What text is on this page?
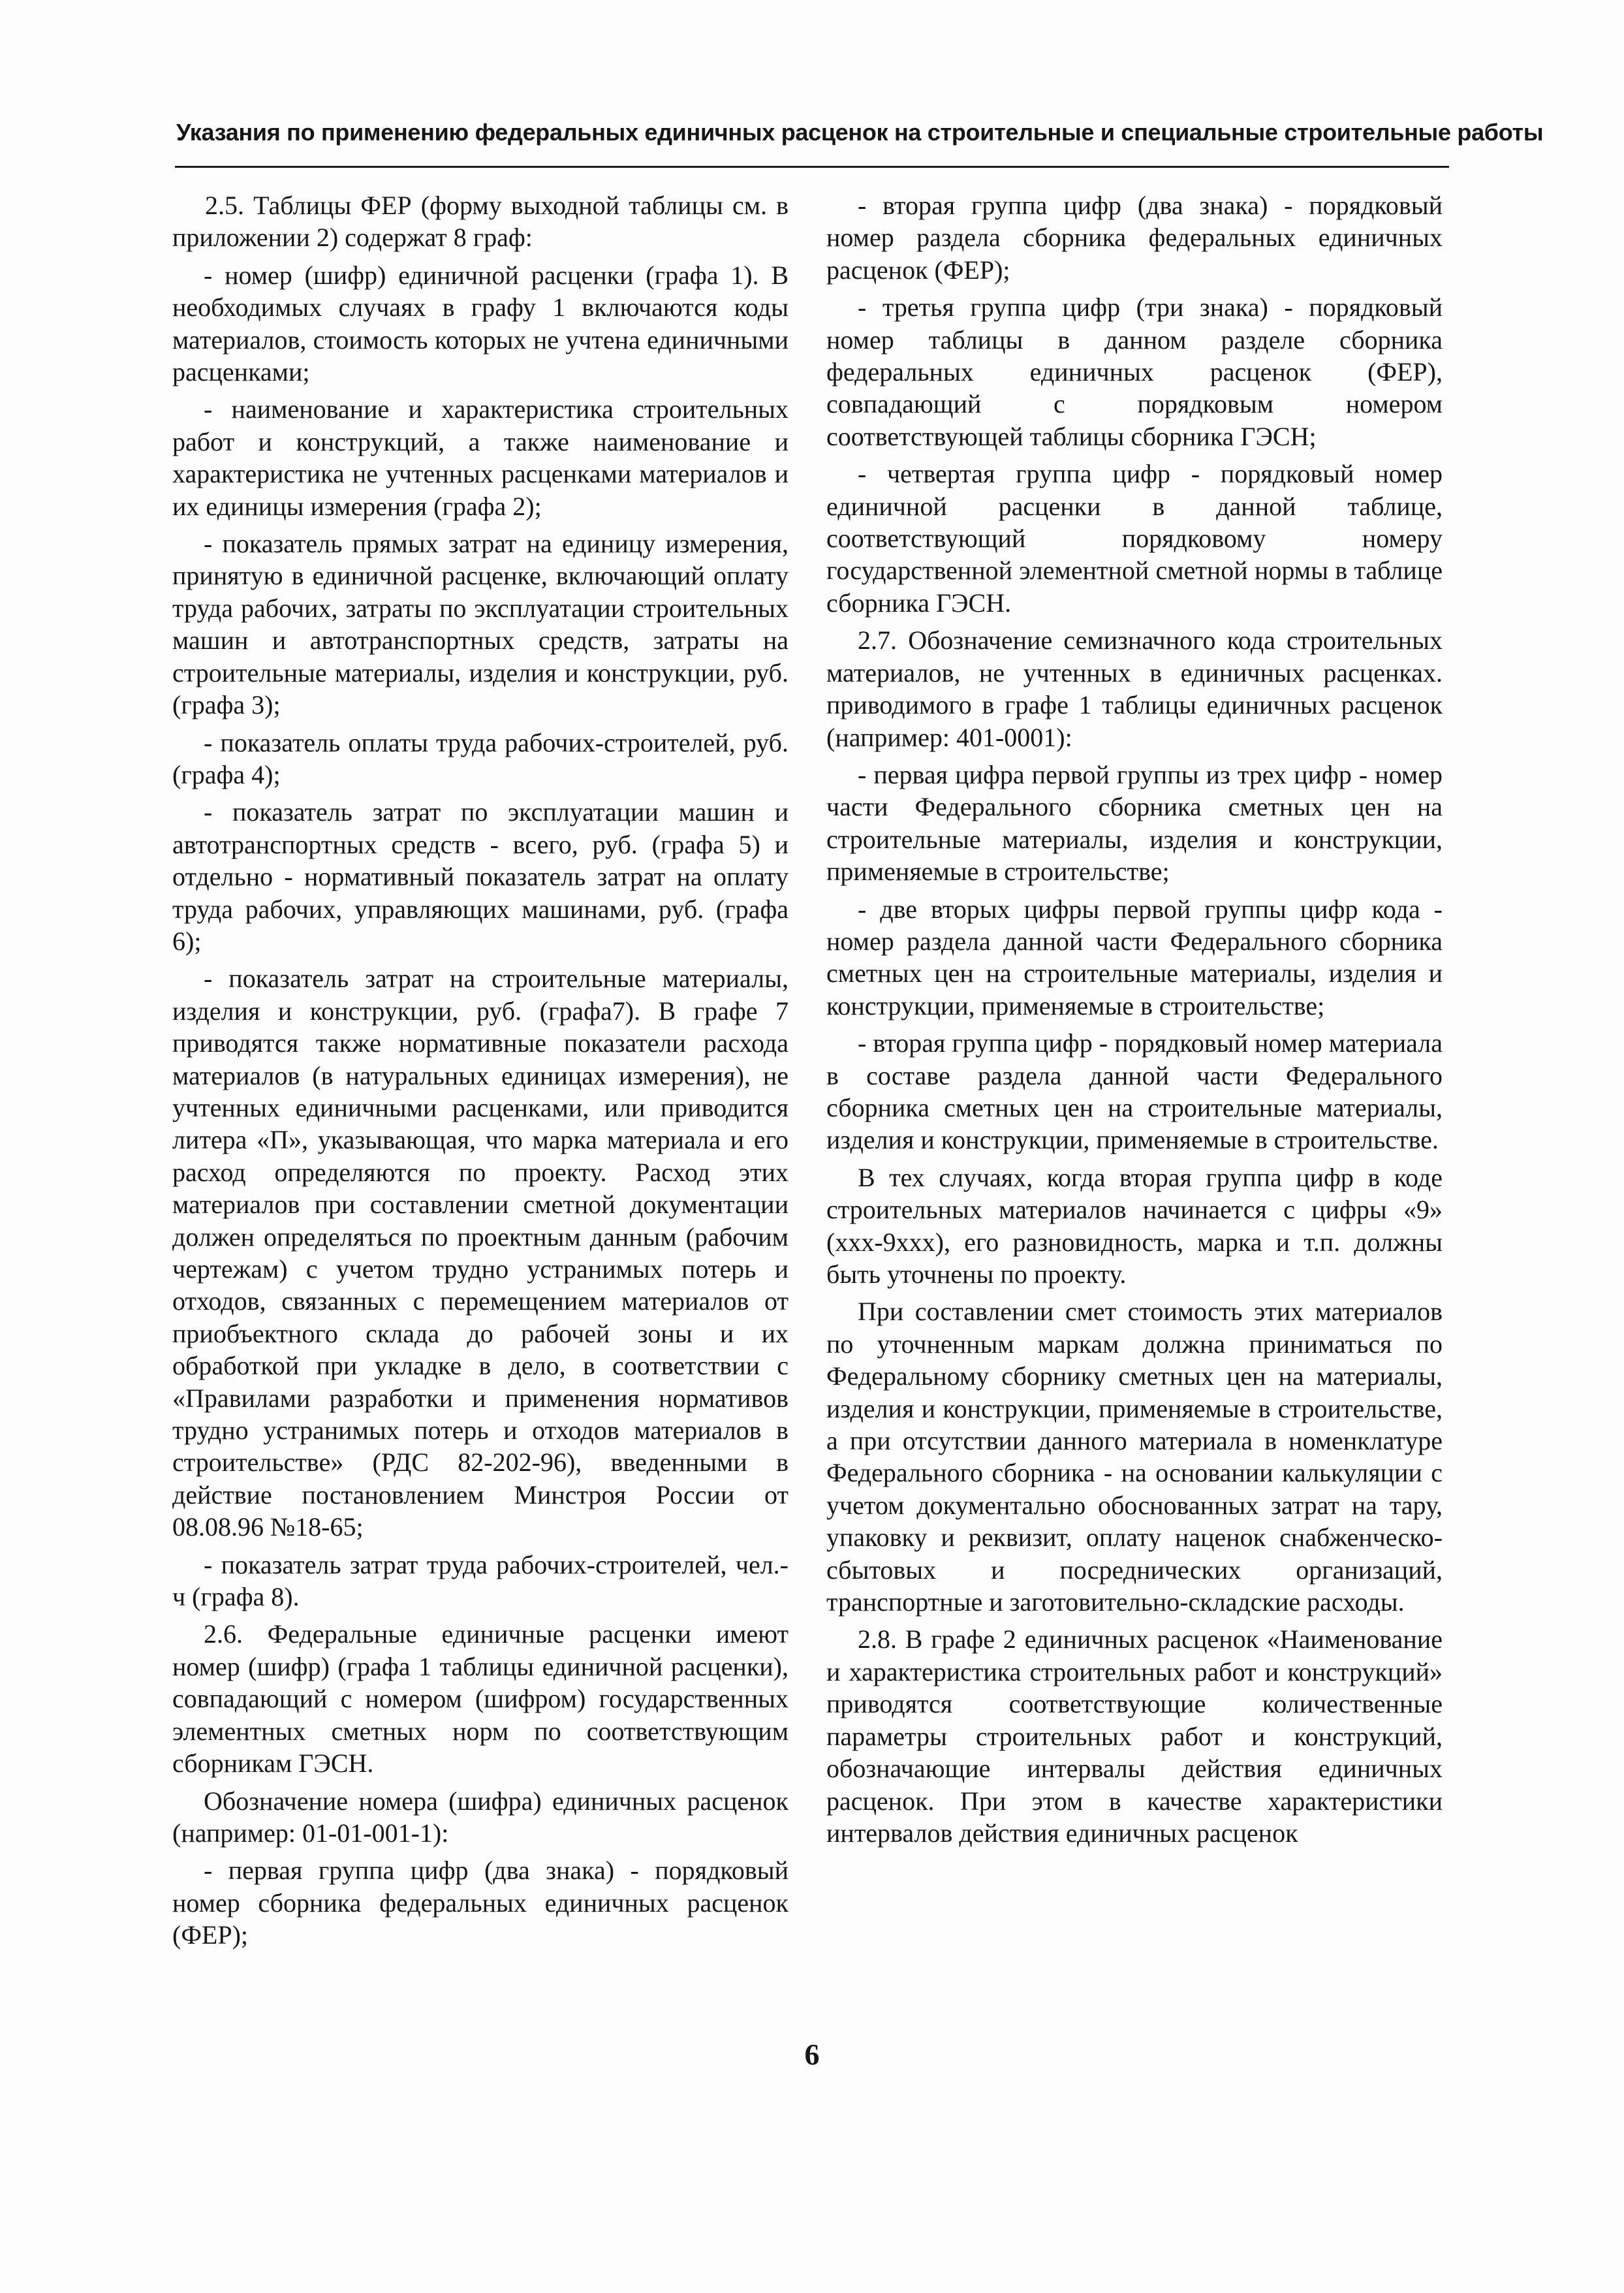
Указания по применению федеральных единичных расценок на строительные и специальные строительные работы

2.5. Таблицы ФЕР (форму выходной таблицы см. в приложении 2) содержат 8 граф:

- номер (шифр) единичной расценки (графа 1). В необходимых случаях в графу 1 включаются коды материалов, стоимость которых не учтена единичными расценками;

- наименование и характеристика строительных работ и конструкций, а также наименование и характеристика не учтенных расценками материалов и их единицы измерения (графа 2);

- показатель прямых затрат на единицу измерения, принятую в единичной расценке, включающий оплату труда рабочих, затраты по эксплуатации строительных машин и автотранспортных средств, затраты на строительные материалы, изделия и конструкции, руб. (графа 3);

- показатель оплаты труда рабочих-строителей, руб. (графа 4);

- показатель затрат по эксплуатации машин и автотранспортных средств - всего, руб. (графа 5) и отдельно - нормативный показатель затрат на оплату труда рабочих, управляющих машинами, руб. (графа 6);

- показатель затрат на строительные материалы, изделия и конструкции, руб. (графа7). В графе 7 приводятся также нормативные показатели расхода материалов (в натуральных единицах измерения), не учтенных единичными расценками, или приводится литера «П», указывающая, что марка материала и его расход определяются по проекту. Расход этих материалов при составлении сметной документации должен определяться по проектным данным (рабочим чертежам) с учетом трудно устранимых потерь и отходов, связанных с перемещением материалов от приобъектного склада до рабочей зоны и их обработкой при укладке в дело, в соответствии с «Правилами разработки и применения нормативов трудно устранимых потерь и отходов материалов в строительстве» (РДС 82-202-96), введенными в действие постановлением Минстроя России от 08.08.96 №18-65;

- показатель затрат труда рабочих-строителей, чел.-ч (графа 8).

2.6. Федеральные единичные расценки имеют номер (шифр) (графа 1 таблицы единичной расценки), совпадающий с номером (шифром) государственных элементных сметных норм по соответствующим сборникам ГЭСН.

Обозначение номера (шифра) единичных расценок (например: 01-01-001-1):

- первая группа цифр (два знака) - порядковый номер сборника федеральных единичных расценок (ФЕР);

- вторая группа цифр (два знака) - порядковый номер раздела сборника федеральных единичных расценок (ФЕР);

- третья группа цифр (три знака) - порядковый номер таблицы в данном разделе сборника федеральных единичных расценок (ФЕР), совпадающий с порядковым номером соответствующей таблицы сборника ГЭСН;

- четвертая группа цифр - порядковый номер единичной расценки в данной таблице, соответствующий порядковому номеру государственной элементной сметной нормы в таблице сборника ГЭСН.

2.7. Обозначение семизначного кода строительных материалов, не учтенных в единичных расценках. приводимого в графе 1 таблицы единичных расценок (например: 401-0001):

- первая цифра первой группы из трех цифр - номер части Федерального сборника сметных цен на строительные материалы, изделия и конструкции, применяемые в строительстве;

- две вторых цифры первой группы цифр кода - номер раздела данной части Федерального сборника сметных цен на строительные материалы, изделия и конструкции, применяемые в строительстве;

- вторая группа цифр - порядковый номер материала в составе раздела данной части Федерального сборника сметных цен на строительные материалы, изделия и конструкции, применяемые в строительстве.

В тех случаях, когда вторая группа цифр в коде строительных материалов начинается с цифры «9» (ххх-9ххх), его разновидность, марка и т.п. должны быть уточнены по проекту.

При составлении смет стоимость этих материалов по уточненным маркам должна приниматься по Федеральному сборнику сметных цен на материалы, изделия и конструкции, применяемые в строительстве, а при отсутствии данного материала в номенклатуре Федерального сборника - на основании калькуляции с учетом документально обоснованных затрат на тару, упаковку и реквизит, оплату наценок снабженческо-сбытовых и посреднических организаций, транспортные и заготовительно-складские расходы.

2.8. В графе 2 единичных расценок «Наименование и характеристика строительных работ и конструкций» приводятся соответствующие количественные параметры строительных работ и конструкций, обозначающие интервалы действия единичных расценок. При этом в качестве характеристики интервалов действия единичных расценок

6
